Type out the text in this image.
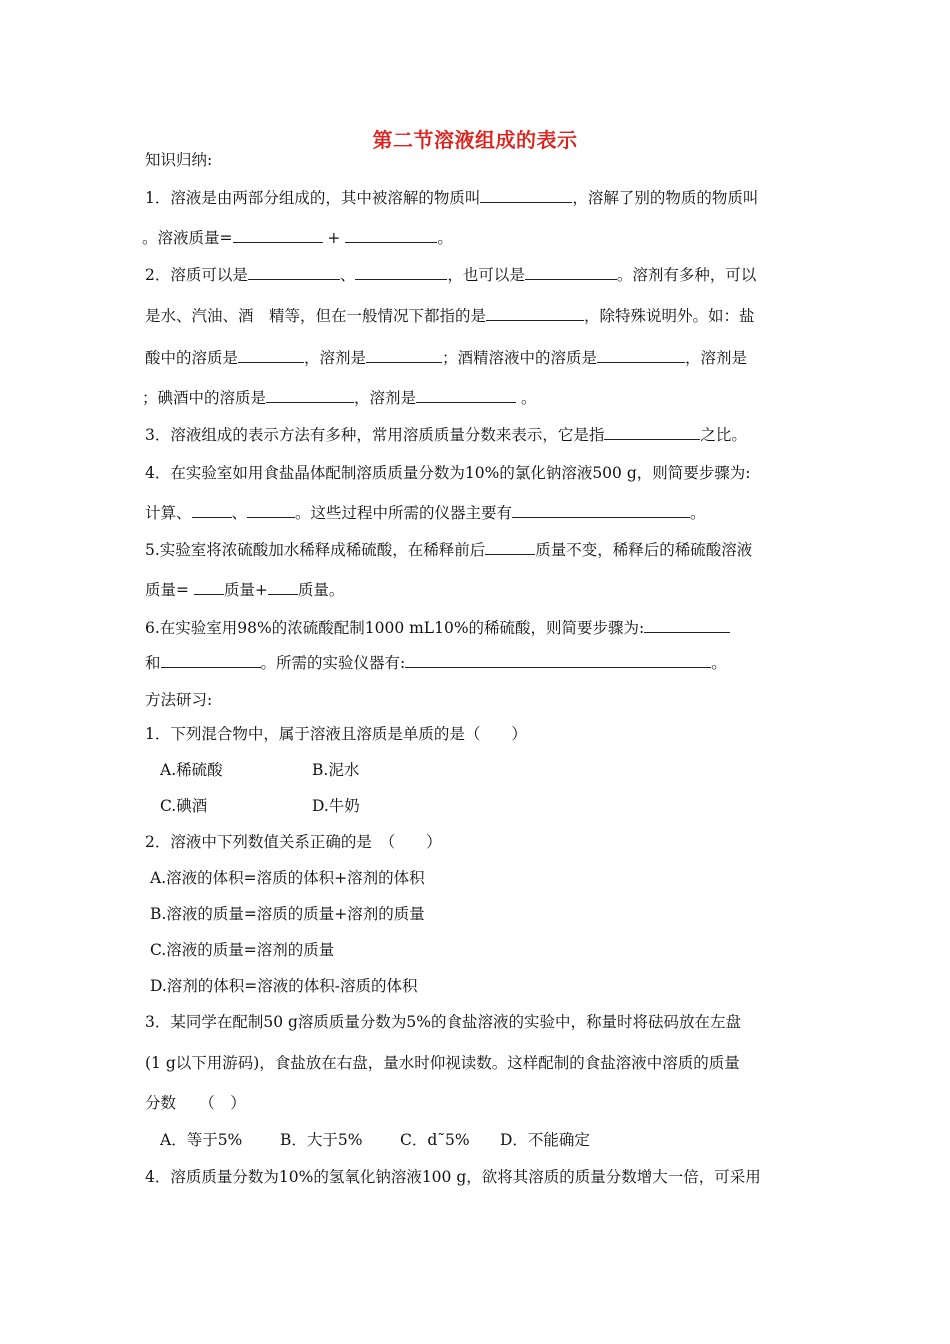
第二节溶液组成的表示
知识归纳:
1．溶液是由两部分组成的，其中被溶解的物质叫	，溶解了别的物质的物质叫
。溶液质量=	+	。
2．溶质可以是	、	，也可以是	。溶剂有多种，可以
是水、汽油、酒　精等，但在一般情况下都指的是	，除特殊说明外。如：盐
酸中的溶质是	，溶剂是	；酒精溶液中的溶质是	，溶剂是
；碘酒中的溶质是	，溶剂是	。
3．溶液组成的表示方法有多种，常用溶质质量分数来表示，它是指	之比。
4．在实验室如用食盐晶体配制溶质质量分数为10%的氯化钠溶液500 g，则简要步骤为:
计算、	、	。这些过程中所需的仪器主要有	。
5.实验室将浓硫酸加水稀释成稀硫酸，在稀释前后	质量不变，稀释后的稀硫酸溶液
质量= 质量+ 质量。
6.在实验室用98%的浓硫酸配制1000 mL10%的稀硫酸，则简要步骤为:
和	。所需的实验仪器有:	。
方法研习:
1．下列混合物中，属于溶液且溶质是单质的是（　　）
A.稀硫酸	B.泥水
C.碘酒	D.牛奶
2．溶液中下列数值关系正确的是　（　　）
A.溶液的体积=溶质的体积+溶剂的体积
B.溶液的质量=溶质的质量+溶剂的质量
C.溶液的质量=溶剂的质量
D.溶剂的体积=溶液的体积-溶质的体积
3．某同学在配制50 g溶质质量分数为5%的食盐溶液的实验中，称量时将砝码放在左盘
(1 g以下用游码)，食盐放在右盘，量水时仰视读数。这样配制的食盐溶液中溶质的质量
分数　　（　）
A．等于5% B．大于5% C．d˜5% D．不能确定
4．溶质质量分数为10%的氢氧化钠溶液100 g，欲将其溶质的质量分数增大一倍，可采用
